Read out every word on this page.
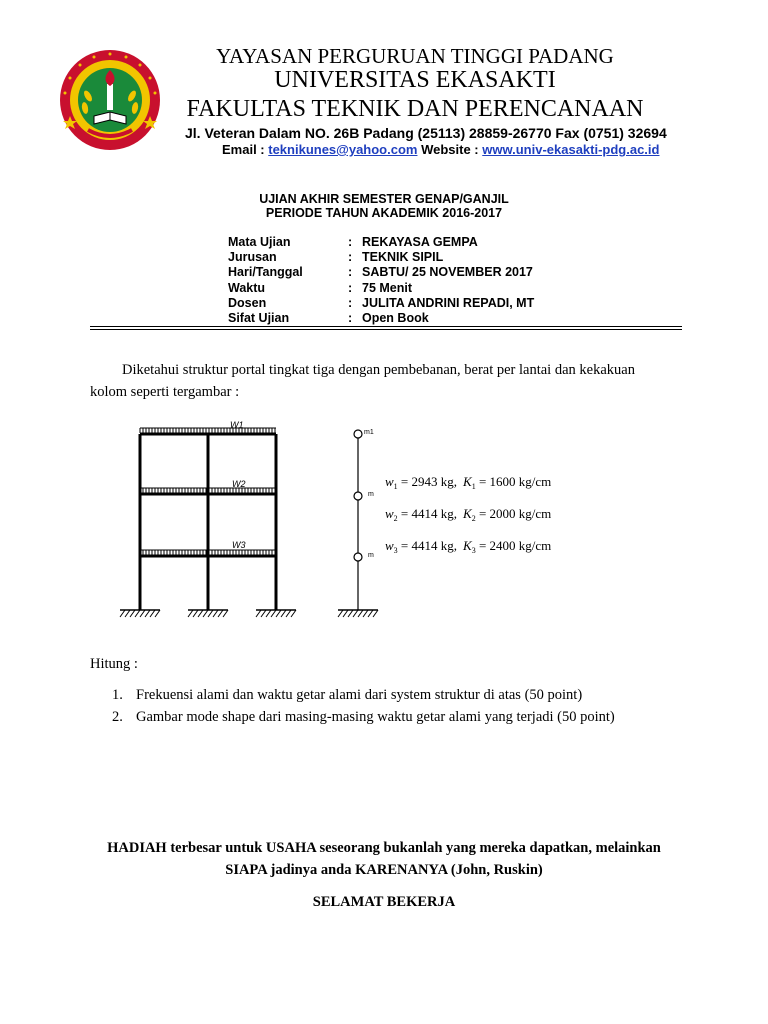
YAYASAN PERGURUAN TINGGI PADANG
UNIVERSITAS EKASAKTI
FAKULTAS TEKNIK DAN PERENCANAAN
Jl. Veteran Dalam NO. 26B Padang (25113) 28859-26770 Fax (0751) 32694
Email : teknikunes@yahoo.com Website : www.univ-ekasakti-pdg.ac.id
UJIAN AKHIR SEMESTER GENAP/GANJIL
PERIODE TAHUN AKADEMIK 2016-2017
Mata Ujian	: REKAYASA GEMPA
Jurusan	: TEKNIK SIPIL
Hari/Tanggal	: SABTU/ 25 NOVEMBER 2017
Waktu	: 75 Menit
Dosen	: JULITA ANDRINI REPADI, MT
Sifat Ujian	: Open Book
Diketahui struktur portal tingkat tiga dengan pembebanan, berat per lantai dan kekakuan
kolom seperti tergambar :
W1
W2
W3
m1
m
m
$w_1 = 2943$ kg, $K_1 = 1600$ kg/cm
$w_2 = 4414$ kg, $K_2 = 2000$ kg/cm
$w_3 = 4414$ kg, $K_3 = 2400$ kg/cm
Hitung :
1. Frekuensi alami dan waktu getar alami dari system struktur di atas (50 point)
2. Gambar mode shape dari masing-masing waktu getar alami yang terjadi (50 point)
HADIAH terbesar untuk USAHA seseorang bukanlah yang mereka dapatkan, melainkan
SIAPA jadinya anda KARENANYA (John, Ruskin)
SELAMAT BEKERJA
